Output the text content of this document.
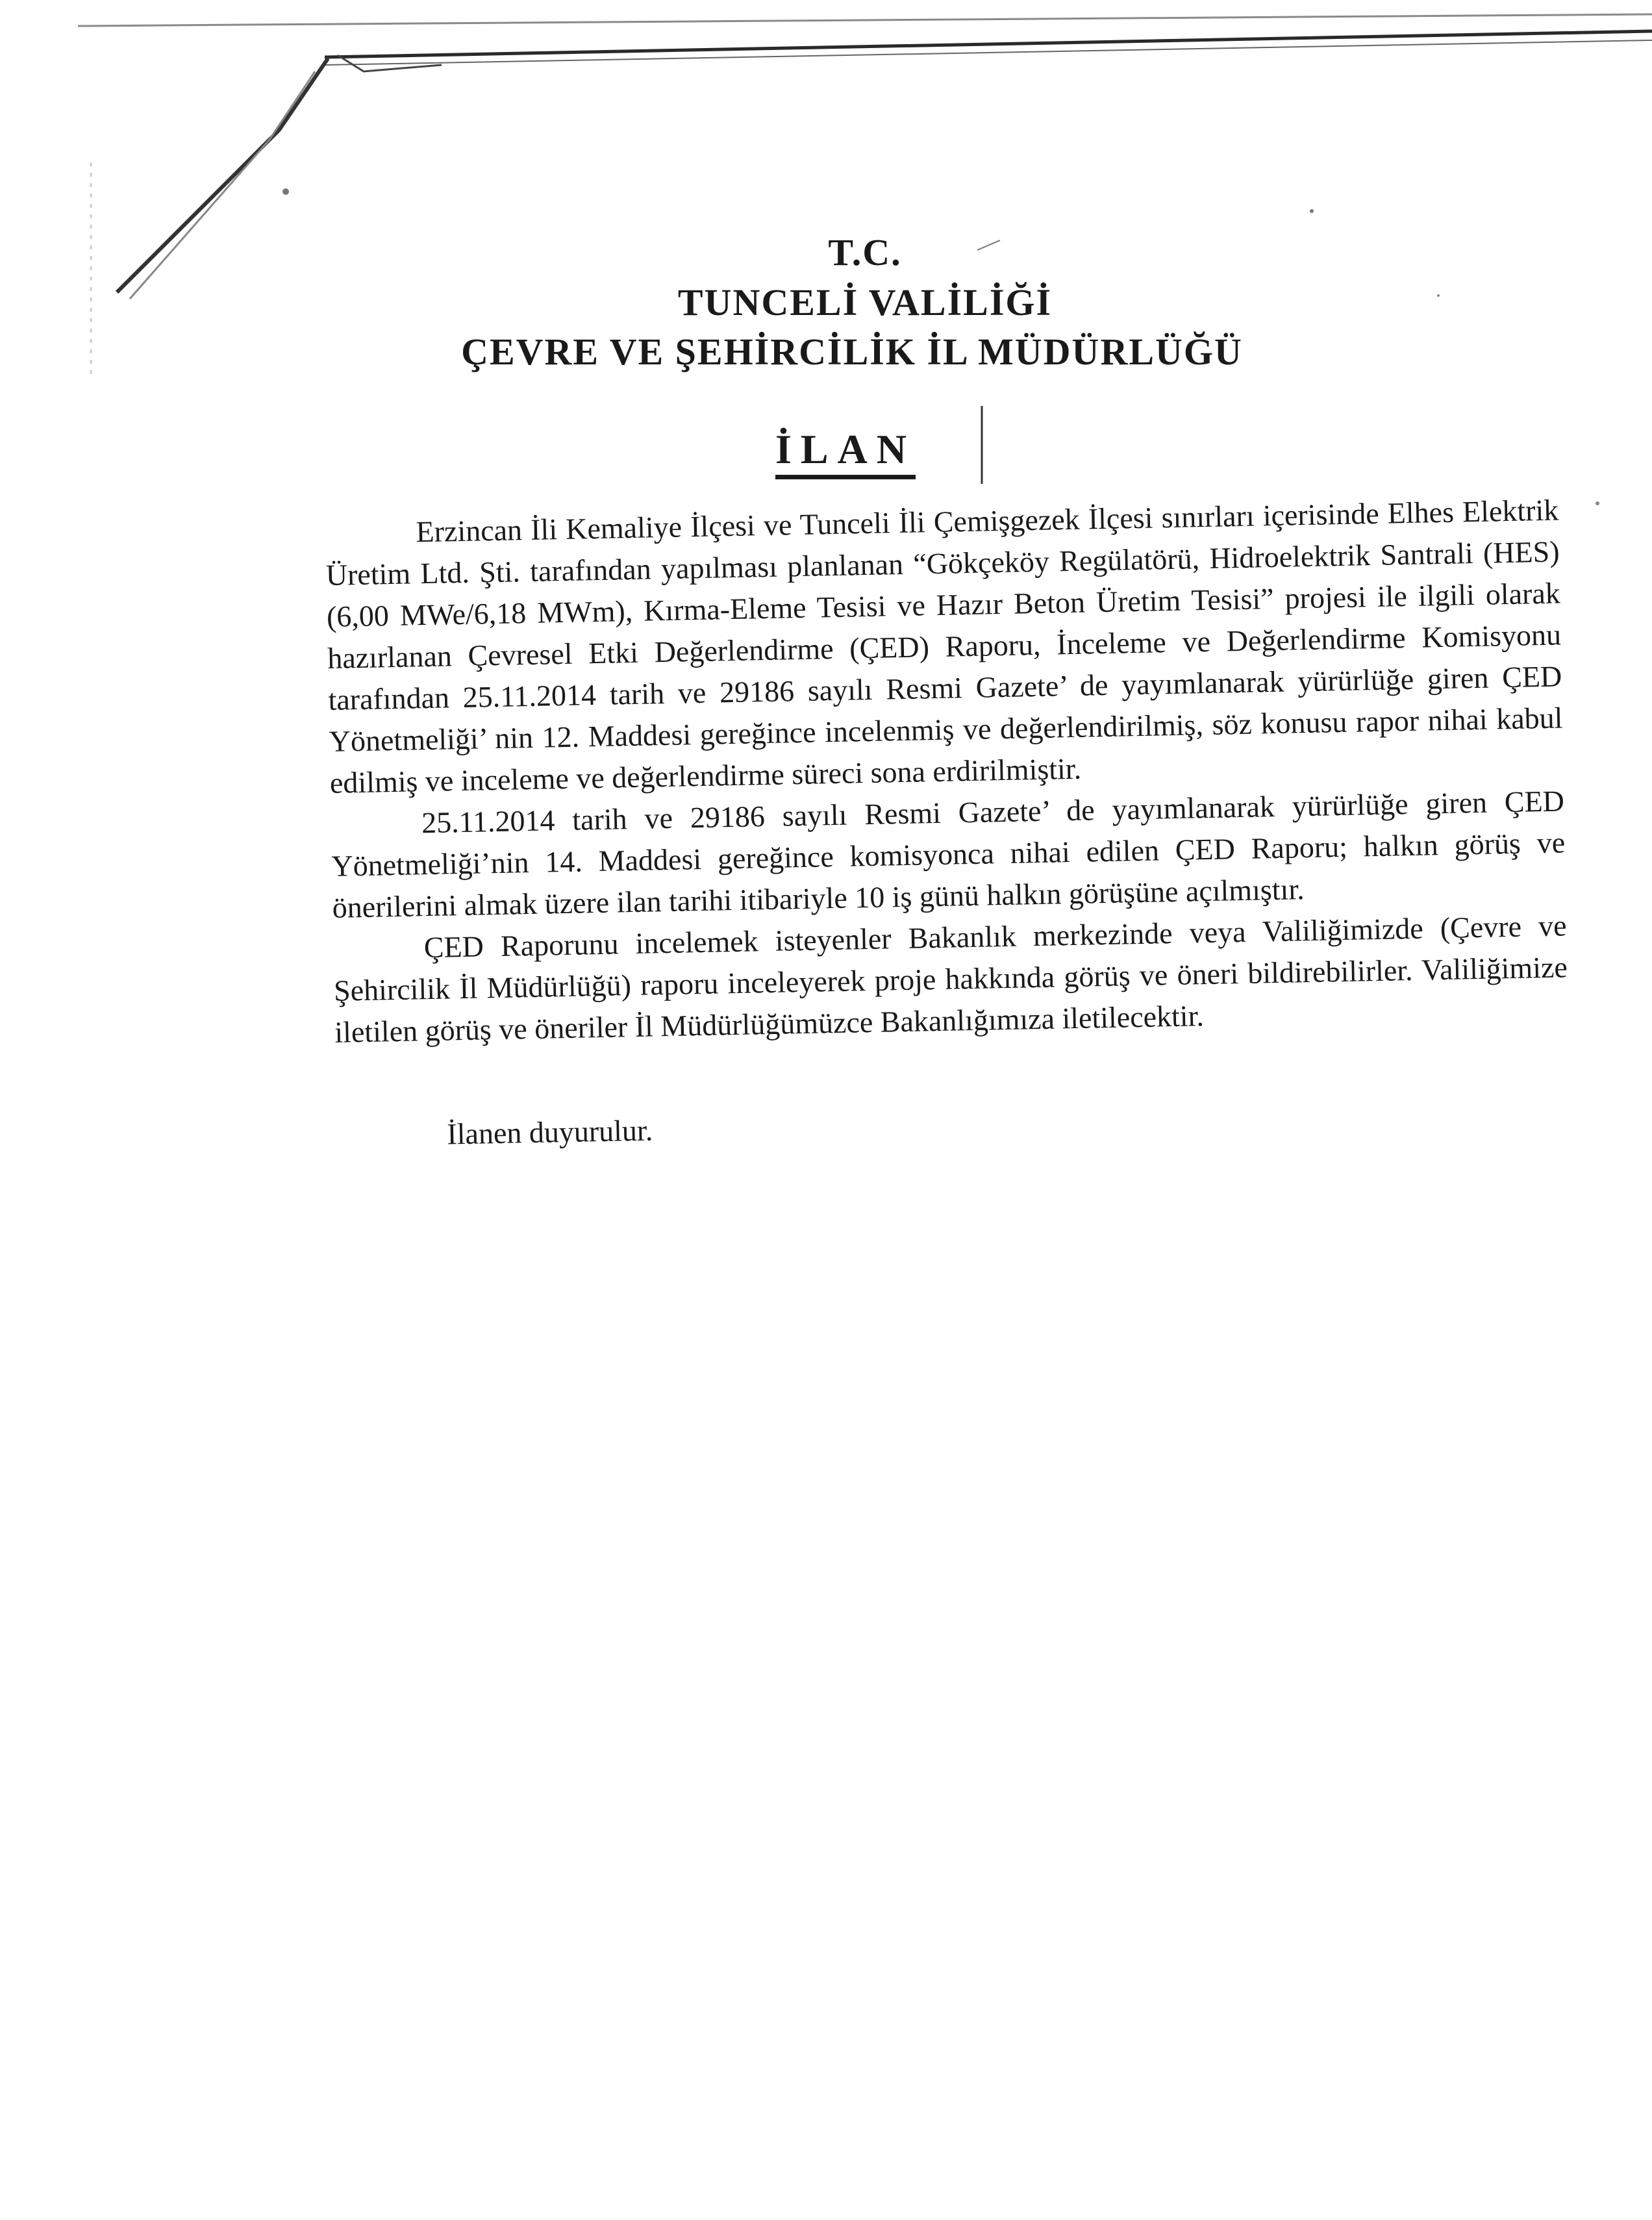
T.C.
TUNCELİ VALİLİĞİ
ÇEVRE VE ŞEHİRCİLİK İL MÜDÜRLÜĞÜ
İLAN

Erzincan İli Kemaliye İlçesi ve Tunceli İli Çemişgezek İlçesi sınırları içerisinde Elhes Elektrik Üretim Ltd. Şti. tarafından yapılması planlanan “Gökçeköy Regülatörü, Hidroelektrik Santrali (HES) (6,00 MWe/6,18 MWm), Kırma-Eleme Tesisi ve Hazır Beton Üretim Tesisi” projesi ile ilgili olarak hazırlanan Çevresel Etki Değerlendirme (ÇED) Raporu, İnceleme ve Değerlendirme Komisyonu tarafından 25.11.2014 tarih ve 29186 sayılı Resmi Gazete’ de yayımlanarak yürürlüğe giren ÇED Yönetmeliği’ nin 12. Maddesi gereğince incelenmiş ve değerlendirilmiş, söz konusu rapor nihai kabul edilmiş ve inceleme ve değerlendirme süreci sona erdirilmiştir.

25.11.2014 tarih ve 29186 sayılı Resmi Gazete’ de yayımlanarak yürürlüğe giren ÇED Yönetmeliği’nin 14. Maddesi gereğince komisyonca nihai edilen ÇED Raporu; halkın görüş ve önerilerini almak üzere ilan tarihi itibariyle 10 iş günü halkın görüşüne açılmıştır.

ÇED Raporunu incelemek isteyenler Bakanlık merkezinde veya Valiliğimizde (Çevre ve Şehircilik İl Müdürlüğü) raporu inceleyerek proje hakkında görüş ve öneri bildirebilirler. Valiliğimize iletilen görüş ve öneriler İl Müdürlüğümüzce Bakanlığımıza iletilecektir.

İlanen duyurulur.
